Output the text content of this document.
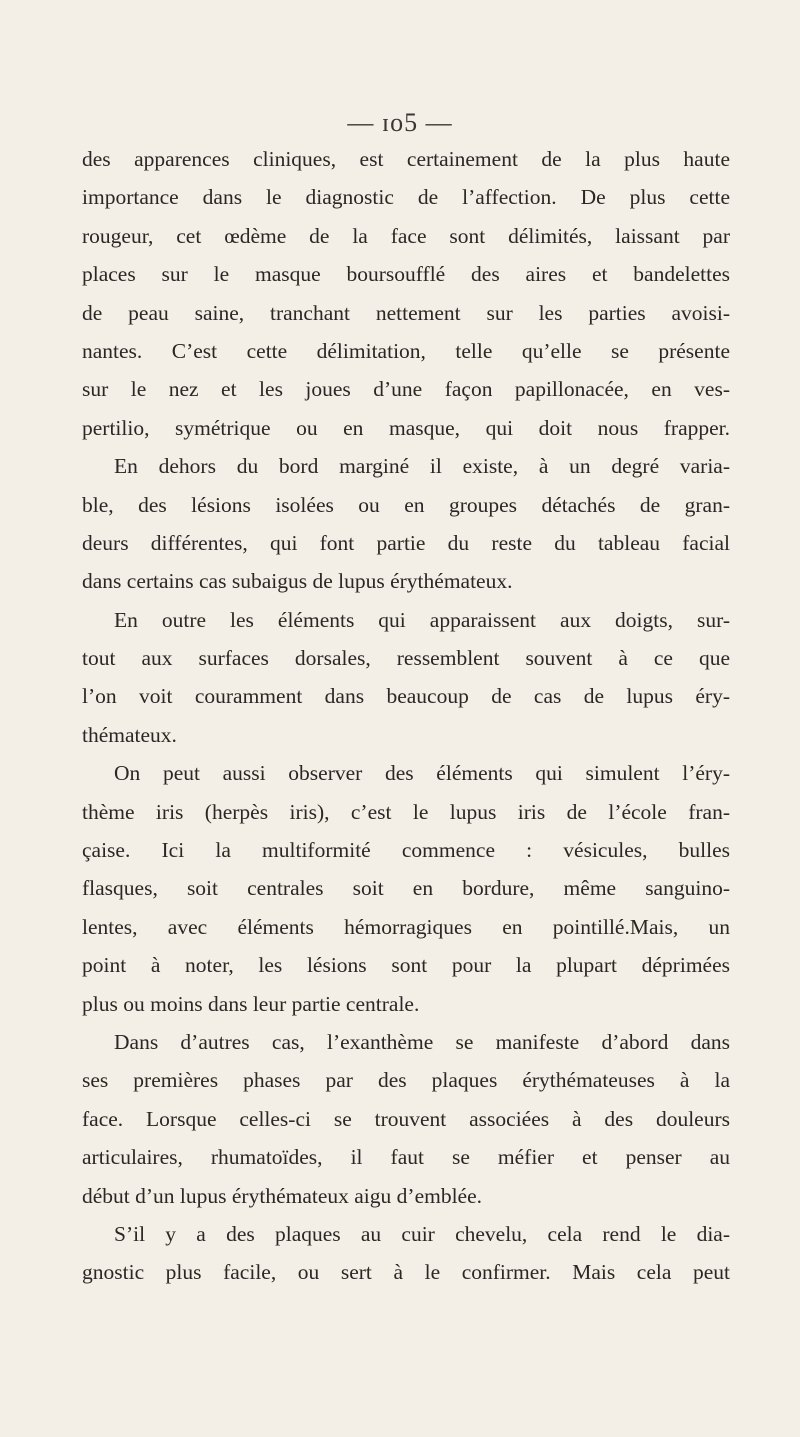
— ɪo5 —
des apparences cliniques, est certainement de la plus haute
importance dans le diagnostic de l’affection. De plus cette
rougeur, cet œdème de la face sont délimités, laissant par
places sur le masque boursoufflé des aires et bandelettes
de peau saine, tranchant nettement sur les parties avoisi-
nantes. C’est cette délimitation, telle qu’elle se présente
sur le nez et les joues d’une façon papillonacée, en ves-
pertilio, symétrique ou en masque, qui doit nous frapper.
En dehors du bord marginé il existe, à un degré varia-
ble, des lésions isolées ou en groupes détachés de gran-
deurs différentes, qui font partie du reste du tableau facial
dans certains cas subaigus de lupus érythémateux.
En outre les éléments qui apparaissent aux doigts, sur-
tout aux surfaces dorsales, ressemblent souvent à ce que
l’on voit couramment dans beaucoup de cas de lupus éry-
thémateux.
On peut aussi observer des éléments qui simulent l’éry-
thème iris (herpès iris), c’est le lupus iris de l’école fran-
çaise. Ici la multiformité commence : vésicules, bulles
flasques, soit centrales soit en bordure, même sanguino-
lentes, avec éléments hémorragiques en pointillé.Mais, un
point à noter, les lésions sont pour la plupart déprimées
plus ou moins dans leur partie centrale.
Dans d’autres cas, l’exanthème se manifeste d’abord dans
ses premières phases par des plaques érythémateuses à la
face. Lorsque celles-ci se trouvent associées à des douleurs
articulaires, rhumatoïdes, il faut se méfier et penser au
début d’un lupus érythémateux aigu d’emblée.
S’il y a des plaques au cuir chevelu, cela rend le dia-
gnostic plus facile, ou sert à le confirmer. Mais cela peut
